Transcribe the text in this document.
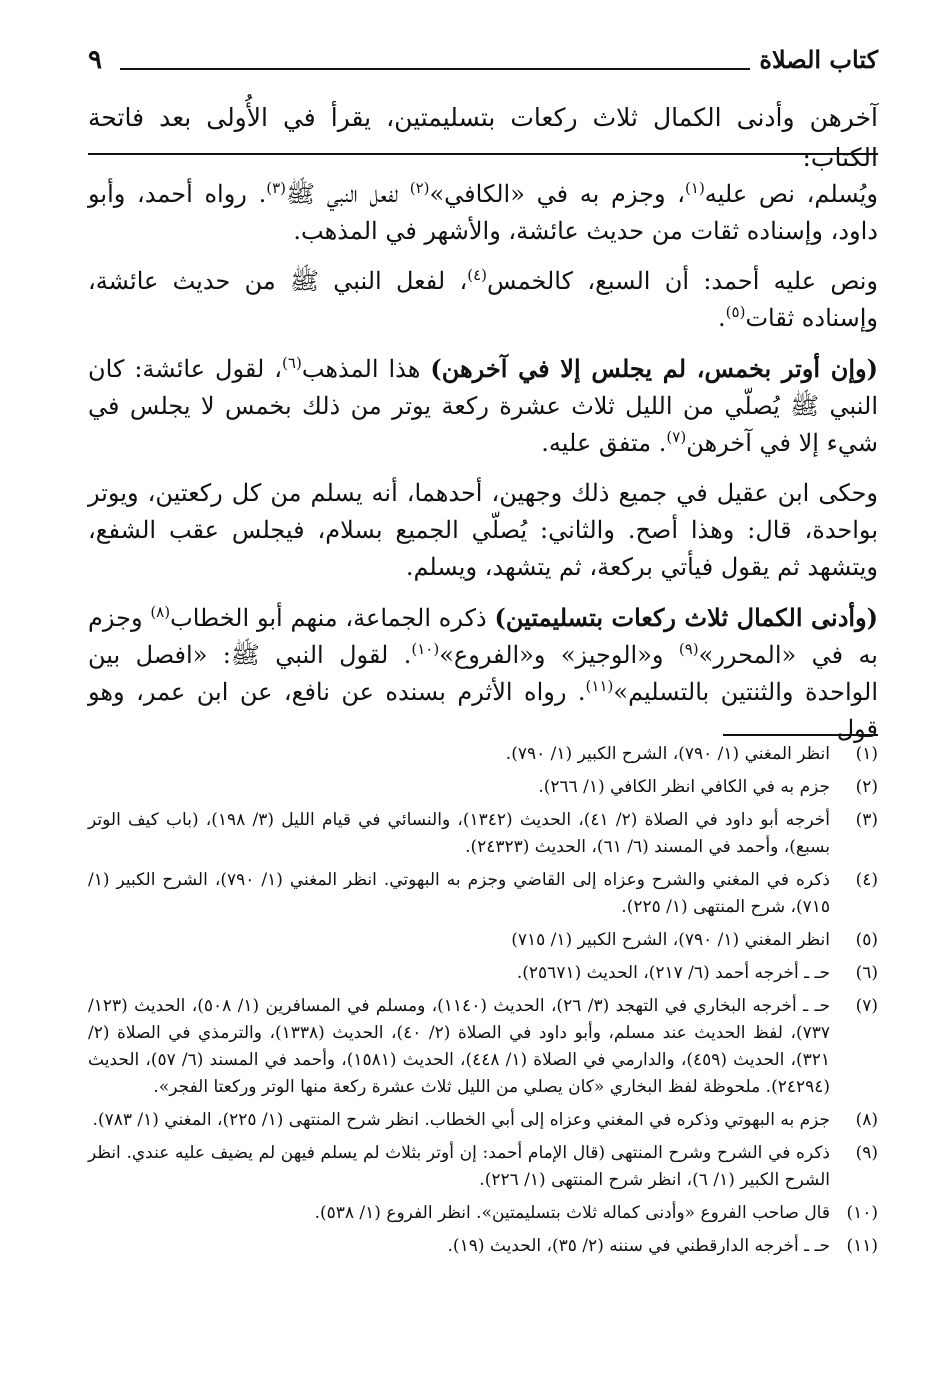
كتاب الصلاة
٩
آخرهن وأدنى الكمال ثلاث ركعات بتسليمتين، يقرأ في الأُولى بعد فاتحة الكتاب:

ويُسلم، نص عليه$^{(١)}$، وجزم به في «الكافي»$^{(٢)}$ لفعل النبي ﷺ$^{(٣)}$. رواه أحمد، وأبو داود، وإسناده ثقات من حديث عائشة، والأشهر في المذهب.

ونص عليه أحمد: أن السبع، كالخمس$^{(٤)}$، لفعل النبي ﷺ من حديث عائشة، وإسناده ثقات$^{(٥)}$.

(وإن أوتر بخمس، لم يجلس إلا في آخرهن) هذا المذهب$^{(٦)}$، لقول عائشة: كان النبي ﷺ يُصلّي من الليل ثلاث عشرة ركعة يوتر من ذلك بخمس لا يجلس في شيء إلا في آخرهن$^{(٧)}$. متفق عليه.

وحكى ابن عقيل في جميع ذلك وجهين، أحدهما، أنه يسلم من كل ركعتين، ويوتر بواحدة، قال: وهذا أصح. والثاني: يُصلّي الجميع بسلام، فيجلس عقب الشفع، ويتشهد ثم يقول فيأتي بركعة، ثم يتشهد، ويسلم.

(وأدنى الكمال ثلاث ركعات بتسليمتين) ذكره الجماعة، منهم أبو الخطاب$^{(٨)}$ وجزم به في «المحرر»$^{(٩)}$ و«الوجيز» و«الفروع»$^{(١٠)}$. لقول النبي ﷺ: «افصل بين الواحدة والثنتين بالتسليم»$^{(١١)}$. رواه الأثرم بسنده عن نافع، عن ابن عمر، وهو قول

(١)
انظر المغني (١/ ٧٩٠)، الشرح الكبير (١/ ٧٩٠).
(٢)
جزم به في الكافي انظر الكافي (١/ ٢٦٦).
(٣)
أخرجه أبو داود في الصلاة (٢/ ٤١)، الحديث (١٣٤٢)، والنسائي في قيام الليل (٣/ ١٩٨)، (باب كيف الوتر بسبع)، وأحمد في المسند (٦/ ٦١)، الحديث (٢٤٣٢٣).
(٤)
ذكره في المغني والشرح وعزاه إلى القاضي وجزم به البهوتي. انظر المغني (١/ ٧٩٠)، الشرح الكبير (١/ ٧١٥)، شرح المنتهى (١/ ٢٢٥).
(٥)
انظر المغني (١/ ٧٩٠)، الشرح الكبير (١/ ٧١٥)
(٦)
حـ ـ أخرجه أحمد (٦/ ٢١٧)، الحديث (٢٥٦٧١).
(٧)
حـ ـ أخرجه البخاري في التهجد (٣/ ٢٦)، الحديث (١١٤٠)، ومسلم في المسافرين (١/ ٥٠٨)، الحديث (١٢٣/ ٧٣٧)، لفظ الحديث عند مسلم، وأبو داود في الصلاة (٢/ ٤٠)، الحديث (١٣٣٨)، والترمذي في الصلاة (٢/ ٣٢١)، الحديث (٤٥٩)، والدارمي في الصلاة (١/ ٤٤٨)، الحديث (١٥٨١)، وأحمد في المسند (٦/ ٥٧)، الحديث (٢٤٢٩٤). ملحوظة لفظ البخاري «كان يصلي من الليل ثلاث عشرة ركعة منها الوتر وركعتا الفجر».
(٨)
جزم به البهوتي وذكره في المغني وعزاه إلى أبي الخطاب. انظر شرح المنتهى (١/ ٢٢٥)، المغني (١/ ٧٨٣).
(٩)
ذكره في الشرح وشرح المنتهى (قال الإمام أحمد: إن أوتر بثلاث لم يسلم فيهن لم يضيف عليه عندي. انظر الشرح الكبير (١/ ٦)، انظر شرح المنتهى (١/ ٢٢٦).
(١٠)
قال صاحب الفروع «وأدنى كماله ثلاث بتسليمتين». انظر الفروع (١/ ٥٣٨).
(١١)
حـ ـ أخرجه الدارقطني في سننه (٢/ ٣٥)، الحديث (١٩).
